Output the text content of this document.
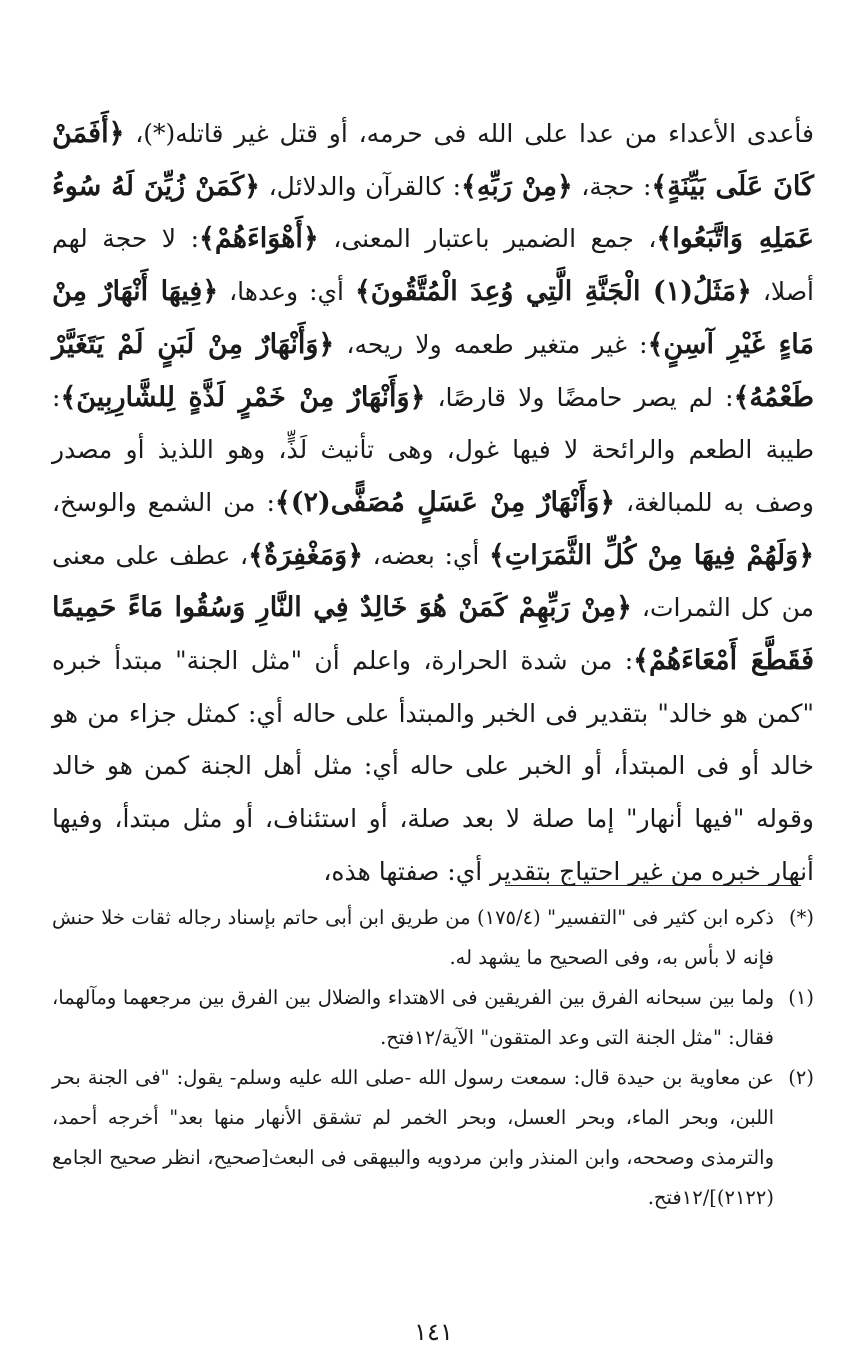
فأعدى الأعداء من عدا على الله فى حرمه، أو قتل غير قاتله(*)، ﴿أَفَمَنْ كَانَ عَلَى بَيِّنَةٍ﴾: حجة، ﴿مِنْ رَبِّهِ﴾: كالقرآن والدلائل، ﴿كَمَنْ زُيِّنَ لَهُ سُوءُ عَمَلِهِ وَاتَّبَعُوا﴾، جمع الضمير باعتبار المعنى، ﴿أَهْوَاءَهُمْ﴾: لا حجة لهم أصلا، ﴿مَثَلُ(١) الْجَنَّةِ الَّتِي وُعِدَ الْمُتَّقُونَ﴾ أي: وعدها، ﴿فِيهَا أَنْهَارٌ مِنْ مَاءٍ غَيْرِ آسِنٍ﴾: غير متغير طعمه ولا ريحه، ﴿وَأَنْهَارٌ مِنْ لَبَنٍ لَمْ يَتَغَيَّرْ طَعْمُهُ﴾: لم يصر حامضًا ولا قارصًا، ﴿وَأَنْهَارٌ مِنْ خَمْرٍ لَذَّةٍ لِلشَّارِبِينَ﴾: طيبة الطعم والرائحة لا فيها غول، وهى تأنيث لَذٍّ، وهو اللذيذ أو مصدر وصف به للمبالغة، ﴿وَأَنْهَارٌ مِنْ عَسَلٍ مُصَفًّى(٢)﴾: من الشمع والوسخ، ﴿وَلَهُمْ فِيهَا مِنْ كُلِّ الثَّمَرَاتِ﴾ أي: بعضه، ﴿وَمَغْفِرَةٌ﴾، عطف على معنى من كل الثمرات، ﴿مِنْ رَبِّهِمْ كَمَنْ هُوَ خَالِدٌ فِي النَّارِ وَسُقُوا مَاءً حَمِيمًا فَقَطَّعَ أَمْعَاءَهُمْ﴾: من شدة الحرارة، واعلم أن "مثل الجنة" مبتدأ خبره "كمن هو خالد" بتقدير فى الخبر والمبتدأ على حاله أي: كمثل جزاء من هو خالد أو فى المبتدأ، أو الخبر على حاله أي: مثل أهل الجنة كمن هو خالد وقوله "فيها أنهار" إما صلة لا بعد صلة، أو استئناف، أو مثل مبتدأ، وفيها أنهار خبره من غير احتياج بتقدير أي: صفتها هذه،

(*)
ذكره ابن كثير فى "التفسير" (١٧٥/٤) من طريق ابن أبى حاتم بإسناد رجاله ثقات خلا حنش فإنه لا بأس به، وفى الصحيح ما يشهد له.
(١)
ولما بين سبحانه الفرق بين الفريقين فى الاهتداء والضلال بين الفرق بين مرجعهما ومآلهما، فقال: "مثل الجنة التى وعد المتقون" الآية/١٢فتح.
(٢)
عن معاوية بن حيدة قال: سمعت رسول الله -صلى الله عليه وسلم- يقول: "فى الجنة بحر اللبن، وبحر الماء، وبحر العسل، وبحر الخمر لم تشقق الأنهار منها بعد" أخرجه أحمد، والترمذى وصححه، وابن المنذر وابن مردويه والبيهقى فى البعث[صحيح، انظر صحيح الجامع (٢١٢٢)]/١٢فتح.
١٤١
